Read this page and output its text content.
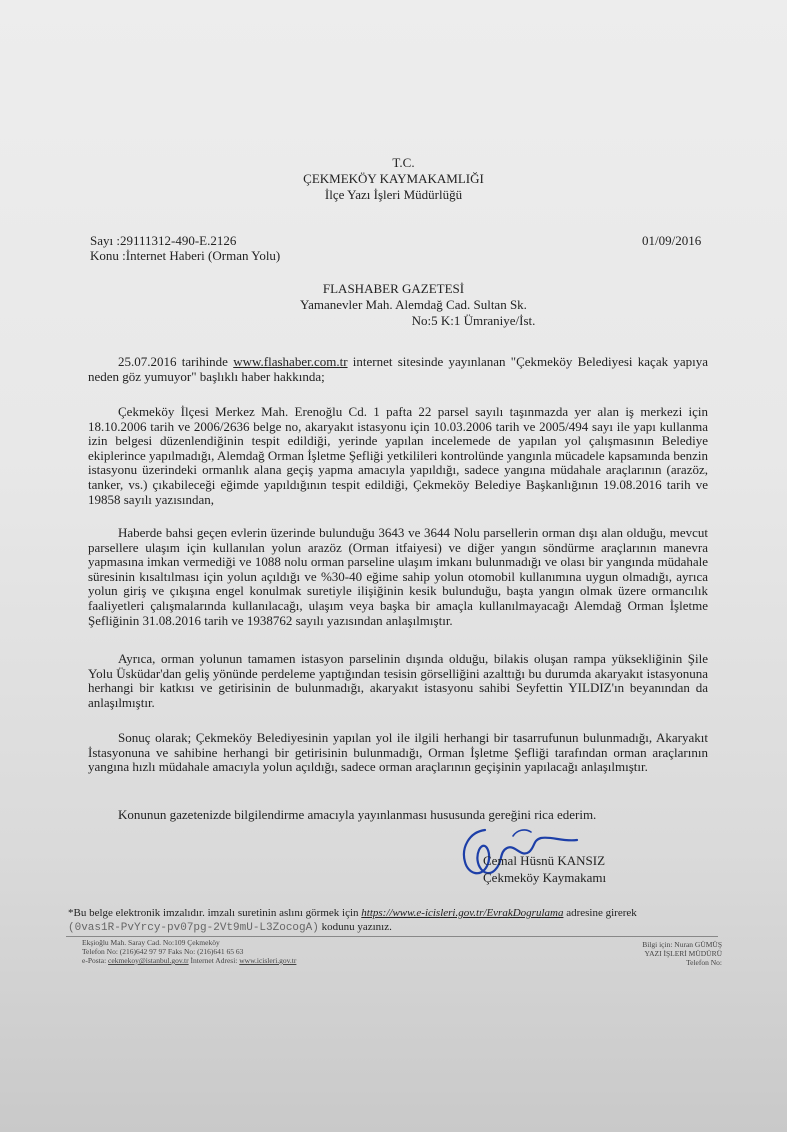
T.C.
ÇEKMEKÖY KAYMAKAMLIĞI
İlçe Yazı İşleri Müdürlüğü
Sayı :29111312-490-E.2126
Konu :İnternet Haberi (Orman Yolu)
01/09/2016
FLASHABER GAZETESİ
Yamanevler Mah. Alemdağ Cad. Sultan Sk.
No:5 K:1 Ümraniye/İst.
25.07.2016 tarihinde www.flashaber.com.tr internet sitesinde yayınlanan "Çekmeköy Belediyesi kaçak yapıya neden göz yumuyor" başlıklı haber hakkında;
Çekmeköy İlçesi Merkez Mah. Erenoğlu Cd. 1 pafta 22 parsel sayılı taşınmazda yer alan iş merkezi için 18.10.2006 tarih ve 2006/2636 belge no, akaryakıt istasyonu için 10.03.2006 tarih ve 2005/494 sayı ile yapı kullanma izin belgesi düzenlendiğinin tespit edildiği, yerinde yapılan incelemede de yapılan yol çalışmasının Belediye ekiplerince yapılmadığı, Alemdağ Orman İşletme Şefliği yetkilileri kontrolünde yangınla mücadele kapsamında benzin istasyonu üzerindeki ormanlık alana geçiş yapma amacıyla yapıldığı, sadece yangına müdahale araçlarının (arazöz, tanker, vs.) çıkabileceği eğimde yapıldığının tespit edildiği, Çekmeköy Belediye Başkanlığının 19.08.2016 tarih ve 19858 sayılı yazısından,
Haberde bahsi geçen evlerin üzerinde bulunduğu 3643 ve 3644 Nolu parsellerin orman dışı alan olduğu, mevcut parsellere ulaşım için kullanılan yolun arazöz (Orman itfaiyesi) ve diğer yangın söndürme araçlarının manevra yapmasına imkan vermediği ve 1088 nolu orman parseline ulaşım imkanı bulunmadığı ve olası bir yangında müdahale süresinin kısaltılması için yolun açıldığı ve %30-40 eğime sahip yolun otomobil kullanımına uygun olmadığı, ayrıca yolun giriş ve çıkışına engel konulmak suretiyle ilişiğinin kesik bulunduğu, başta yangın olmak üzere ormancılık faaliyetleri çalışmalarında kullanılacağı, ulaşım veya başka bir amaçla kullanılmayacağı Alemdağ Orman İşletme Şefliğinin 31.08.2016 tarih ve 1938762 sayılı yazısından anlaşılmıştır.
Ayrıca, orman yolunun tamamen istasyon parselinin dışında olduğu, bilakis oluşan rampa yüksekliğinin Şile Yolu Üsküdar'dan geliş yönünde perdeleme yaptığından tesisin görselliğini azalttığı bu durumda akaryakıt istasyonuna herhangi bir katkısı ve getirisinin de bulunmadığı, akaryakıt istasyonu sahibi Seyfettin YILDIZ'ın beyanından da anlaşılmıştır.
Sonuç olarak; Çekmeköy Belediyesinin yapılan yol ile ilgili herhangi bir tasarrufunun bulunmadığı, Akaryakıt İstasyonuna ve sahibine herhangi bir getirisinin bulunmadığı, Orman İşletme Şefliği tarafından orman araçlarının yangına hızlı müdahale amacıyla yolun açıldığı, sadece orman araçlarının geçişinin yapılacağı anlaşılmıştır.
Konunun gazetenizde bilgilendirme amacıyla yayınlanması hususunda gereğini rica ederim.
Cemal Hüsnü KANSIZ
Çekmeköy Kaymakamı
*Bu belge elektronik imzalıdır. imzalı suretinin aslını görmek için https://www.e-icisleri.gov.tr/EvrakDogrulama adresine girerek
(0vas1R-PvYrcy-pv07pg-2Vt9mU-L3ZocogA) kodunu yazınız.
Ekşioğlu Mah. Saray Cad. No:109 Çekmeköy
Telefon No: (216)642 97 97 Faks No: (216)641 65 63
e-Posta: cekmekoy@istanbul.gov.tr İnternet Adresi: www.icisleri.gov.tr
Bilgi için: Nuran GÜMÜŞ
YAZI İŞLERİ MÜDÜRÜ
Telefon No:
